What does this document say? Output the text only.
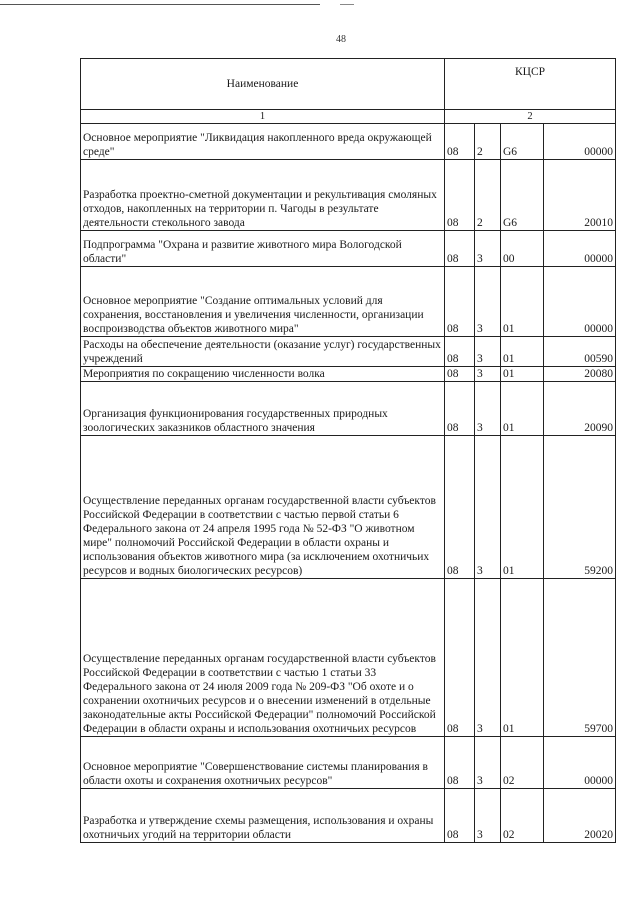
48
Наименование	КЦСР			
1	2			
Основное мероприятие "Ликвидация накопленного вреда окружающей среде"	08	2	G6	00000
Разработка проектно-сметной документации и рекультивация смоляных отходов, накопленных на территории п. Чагоды в результате деятельности стекольного завода	08	2	G6	20010
Подпрограмма "Охрана и развитие животного мира Вологодской области"	08	3	00	00000
Основное мероприятие "Создание оптимальных условий для сохранения, восстановления и увеличения численности, организации воспроизводства объектов животного мира"	08	3	01	00000
Расходы на обеспечение деятельности (оказание услуг) государственных учреждений	08	3	01	00590
Мероприятия по сокращению численности волка	08	3	01	20080
Организация функционирования государственных природных зоологических заказников областного значения	08	3	01	20090
Осуществление переданных органам государственной власти субъектов Российской Федерации в соответствии с частью первой статьи 6 Федерального закона от 24 апреля 1995 года № 52-ФЗ "О животном мире" полномочий Российской Федерации в области охраны и использования объектов животного мира (за исключением охотничьих ресурсов и водных биологических ресурсов)	08	3	01	59200
Осуществление переданных органам государственной власти субъектов Российской Федерации в соответствии с частью 1 статьи 33 Федерального закона от 24 июля 2009 года № 209-ФЗ "Об охоте и о сохранении охотничьих ресурсов и о внесении изменений в отдельные законодательные акты Российской Федерации" полномочий Российской Федерации в области охраны и использования охотничьих ресурсов	08	3	01	59700
Основное мероприятие "Совершенствование системы планирования в области охоты и сохранения охотничьих ресурсов"	08	3	02	00000
Разработка и утверждение схемы размещения, использования и охраны охотничьих угодий на территории области	08	3	02	20020
